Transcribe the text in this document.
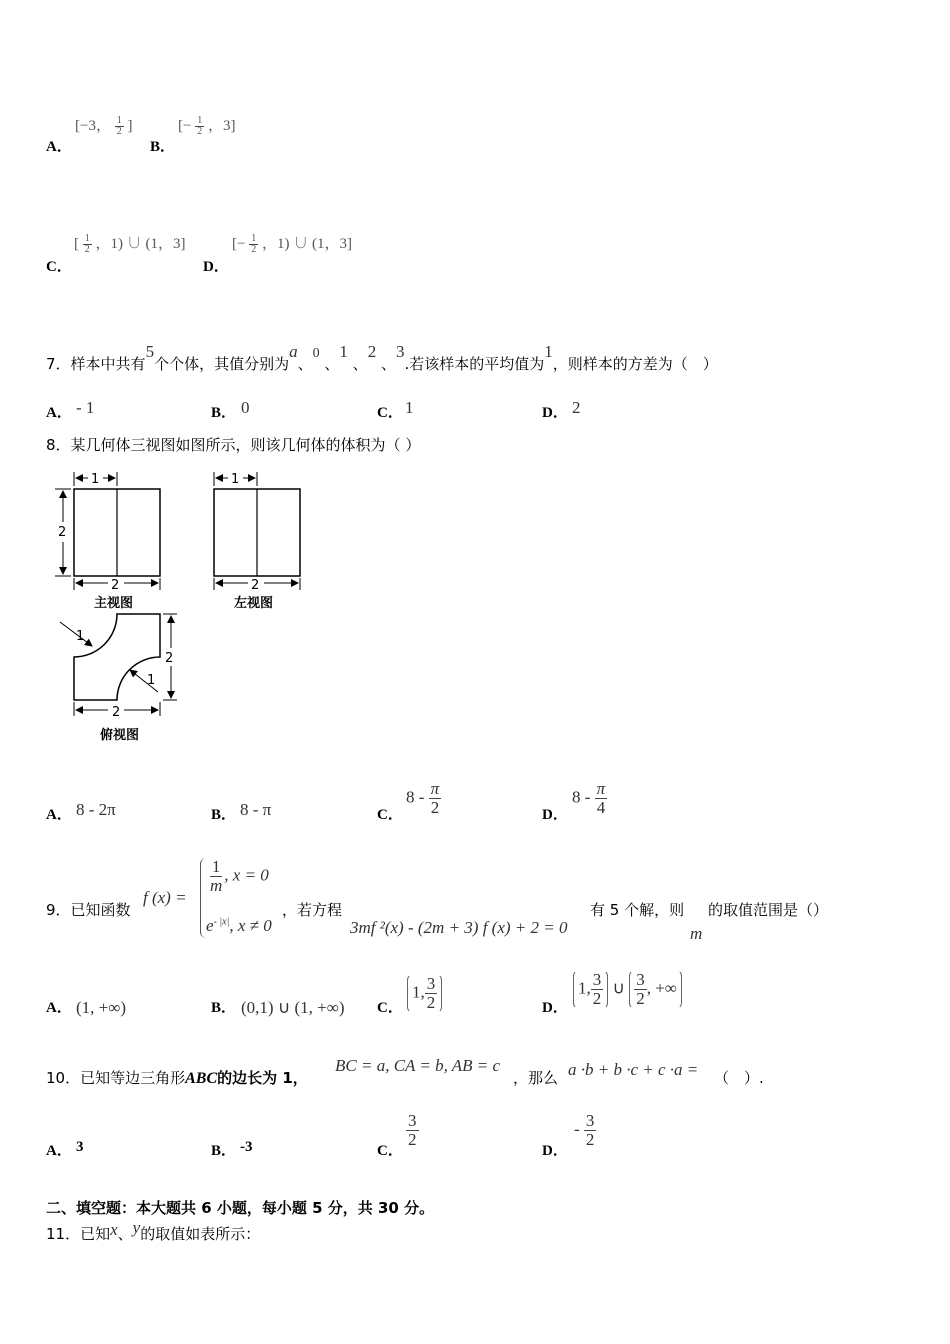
A．
[−3， $\frac{1}{2}$ ]
B．
[− $\frac{1}{2}$ ，3]
C．
[ $\frac{1}{2}$ ，1) ∪ (1，3]
D．
[− $\frac{1}{2}$ ，1) ∪ (1，3]
7．样本中共有5个个体，其值分别为a、0 、1 、2 、3.若该样本的平均值为1，则样本的方差为（　）
A． - 1	B． 0	C． 1	D． 2
8．某几何体三视图如图所示，则该几何体的体积为（ ）
1
2
2
主视图
1
2
左视图
1
1
2
2
俯视图
A． 8 - 2π	B． 8 - π	C．
$8 - \frac{\pi}{2}$	D．
$8 - \frac{\pi}{4}$
9．已知函数
f (x) =
$\frac{1}{m}$ , x = 0
$e^{- |x|}$, x ≠ 0
，若方程
3mf ²(x) - (2m + 3) f (x) + 2 = 0
有 5 个解，则
m
的取值范围是（）
A． (1, +∞)	B． (0,1) ∪ (1, +∞) C．
1, $\frac{3}{2}$	D．
1, $\frac{3}{2}$ ∪ $\frac{3}{2}$ , +∞
10．已知等边三角形ABC的边长为 1，
BC = a, CA = b, AB = c
，那么 a ·b + b ·c + c ·a = （　）.
A． 3	B． -3	C．
$\frac{3}{2}$
D．
- $\frac{3}{2}$
二、填空题：本大题共 6 小题，每小题 5 分，共 30 分。
11．已知x、y的取值如表所示：
